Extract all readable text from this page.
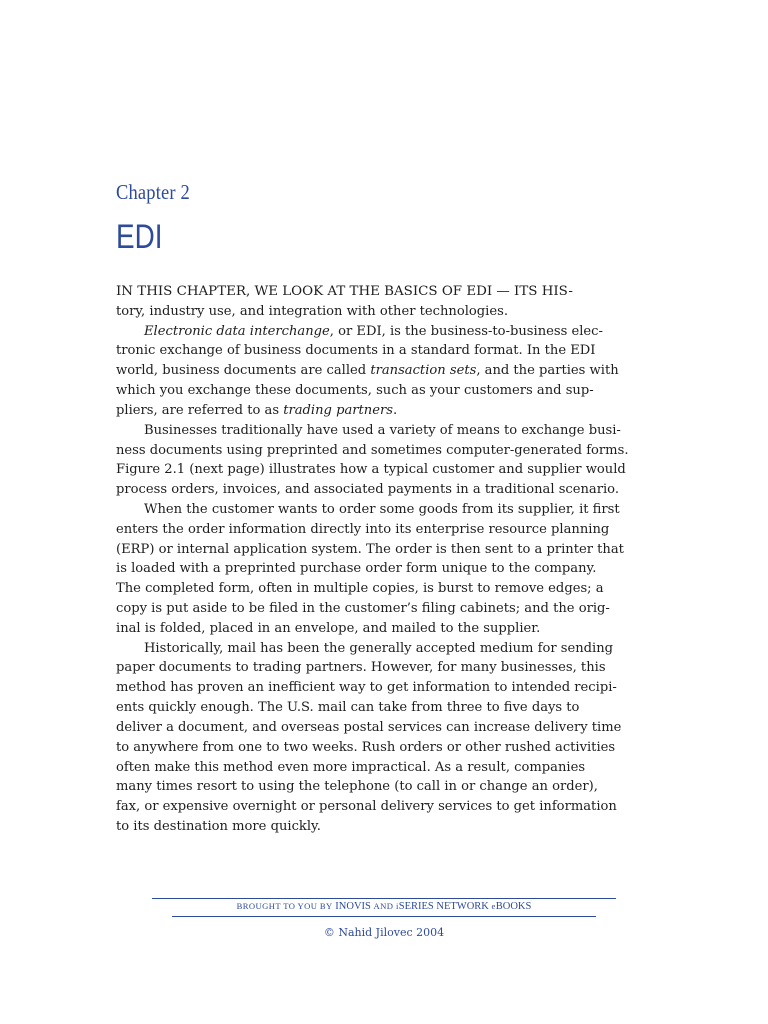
Chapter 2
EDI
IN THIS CHAPTER, WE LOOK AT THE BASICS OF EDI — ITS HIS-
tory, industry use, and integration with other technologies.
Electronic data interchange, or EDI, is the business-to-business elec-
tronic exchange of business documents in a standard format. In the EDI
world, business documents are called transaction sets, and the parties with
which you exchange these documents, such as your customers and sup-
pliers, are referred to as trading partners.
Businesses traditionally have used a variety of means to exchange busi-
ness documents using preprinted and sometimes computer-generated forms.
Figure 2.1 (next page) illustrates how a typical customer and supplier would
process orders, invoices, and associated payments in a traditional scenario.
When the customer wants to order some goods from its supplier, it first
enters the order information directly into its enterprise resource planning
(ERP) or internal application system. The order is then sent to a printer that
is loaded with a preprinted purchase order form unique to the company.
The completed form, often in multiple copies, is burst to remove edges; a
copy is put aside to be filed in the customer’s filing cabinets; and the orig-
inal is folded, placed in an envelope, and mailed to the supplier.
Historically, mail has been the generally accepted medium for sending
paper documents to trading partners. However, for many businesses, this
method has proven an inefficient way to get information to intended recipi-
ents quickly enough. The U.S. mail can take from three to five days to
deliver a document, and overseas postal services can increase delivery time
to anywhere from one to two weeks. Rush orders or other rushed activities
often make this method even more impractical. As a result, companies
many times resort to using the telephone (to call in or change an order),
fax, or expensive overnight or personal delivery services to get information
to its destination more quickly.
BROUGHT TO YOU BY INOVIS AND iSERIES NETWORK eBOOKS
© Nahid Jilovec 2004
